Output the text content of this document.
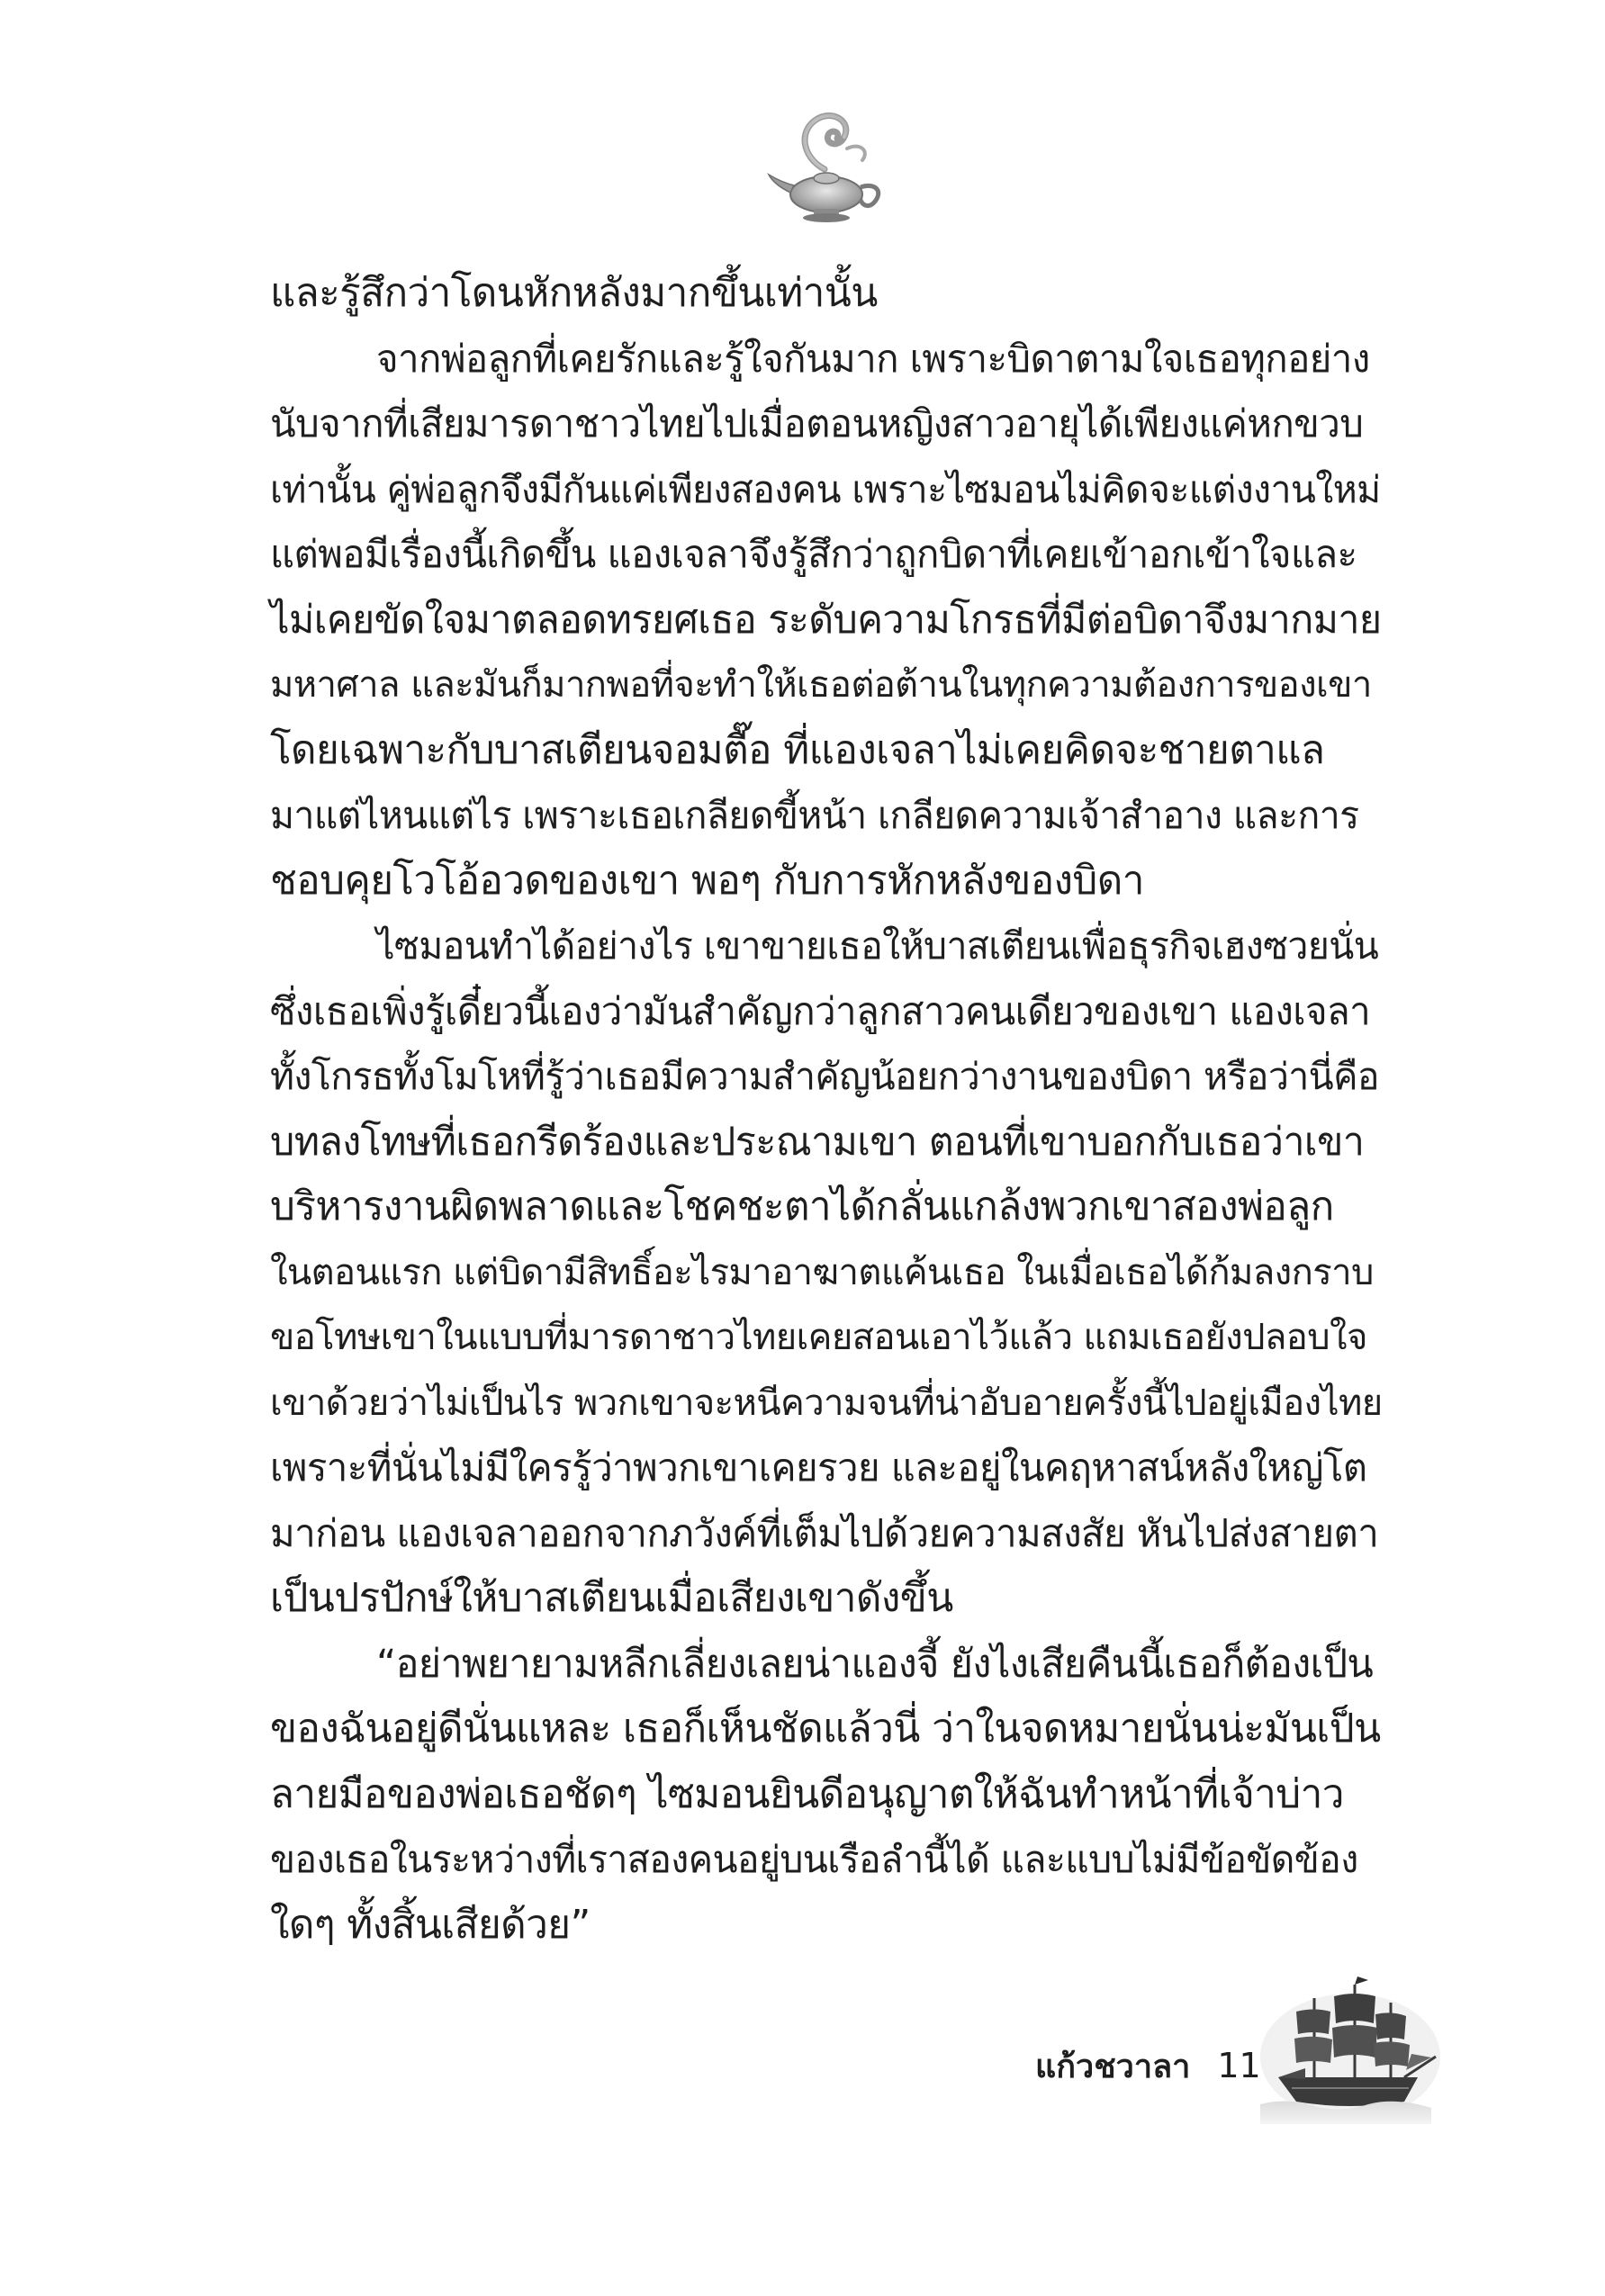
และรู้สึกว่าโดนหักหลังมากขึ้นเท่านั้น
จากพ่อลูกที่เคยรักและรู้ใจกันมาก เพราะบิดาตามใจเธอทุกอย่าง
นับจากที่เสียมารดาชาวไทยไปเมื่อตอนหญิงสาวอายุได้เพียงแค่หกขวบ
เท่านั้น คู่พ่อลูกจึงมีกันแค่เพียงสองคน เพราะไซมอนไม่คิดจะแต่งงานใหม่
แต่พอมีเรื่องนี้เกิดขึ้น แองเจลาจึงรู้สึกว่าถูกบิดาที่เคยเข้าอกเข้าใจและ
ไม่เคยขัดใจมาตลอดทรยศเธอ ระดับความโกรธที่มีต่อบิดาจึงมากมาย
มหาศาล และมันก็มากพอที่จะทำให้เธอต่อต้านในทุกความต้องการของเขา
โดยเฉพาะกับบาสเตียนจอมตื๊อ ที่แองเจลาไม่เคยคิดจะชายตาแล
มาแต่ไหนแต่ไร เพราะเธอเกลียดขี้หน้า เกลียดความเจ้าสำอาง และการ
ชอบคุยโวโอ้อวดของเขา พอๆ กับการหักหลังของบิดา
ไซมอนทำได้อย่างไร เขาขายเธอให้บาสเตียนเพื่อธุรกิจเฮงซวยนั่น
ซึ่งเธอเพิ่งรู้เดี๋ยวนี้เองว่ามันสำคัญกว่าลูกสาวคนเดียวของเขา แองเจลา
ทั้งโกรธทั้งโมโหที่รู้ว่าเธอมีความสำคัญน้อยกว่างานของบิดา หรือว่านี่คือ
บทลงโทษที่เธอกรีดร้องและประณามเขา ตอนที่เขาบอกกับเธอว่าเขา
บริหารงานผิดพลาดและโชคชะตาได้กลั่นแกล้งพวกเขาสองพ่อลูก
ในตอนแรก แต่บิดามีสิทธิ์อะไรมาอาฆาตแค้นเธอ ในเมื่อเธอได้ก้มลงกราบ
ขอโทษเขาในแบบที่มารดาชาวไทยเคยสอนเอาไว้แล้ว แถมเธอยังปลอบใจ
เขาด้วยว่าไม่เป็นไร พวกเขาจะหนีความจนที่น่าอับอายครั้งนี้ไปอยู่เมืองไทย
เพราะที่นั่นไม่มีใครรู้ว่าพวกเขาเคยรวย และอยู่ในคฤหาสน์หลังใหญ่โต
มาก่อน แองเจลาออกจากภวังค์ที่เต็มไปด้วยความสงสัย หันไปส่งสายตา
เป็นปรปักษ์ให้บาสเตียนเมื่อเสียงเขาดังขึ้น
“อย่าพยายามหลีกเลี่ยงเลยน่าแองจี้ ยังไงเสียคืนนี้เธอก็ต้องเป็น
ของฉันอยู่ดีนั่นแหละ เธอก็เห็นชัดแล้วนี่ ว่าในจดหมายนั่นน่ะมันเป็น
ลายมือของพ่อเธอชัดๆ ไซมอนยินดีอนุญาตให้ฉันทำหน้าที่เจ้าบ่าว
ของเธอในระหว่างที่เราสองคนอยู่บนเรือลำนี้ได้ และแบบไม่มีข้อขัดข้อง
ใดๆ ทั้งสิ้นเสียด้วย”
แก้วชวาลา 11
